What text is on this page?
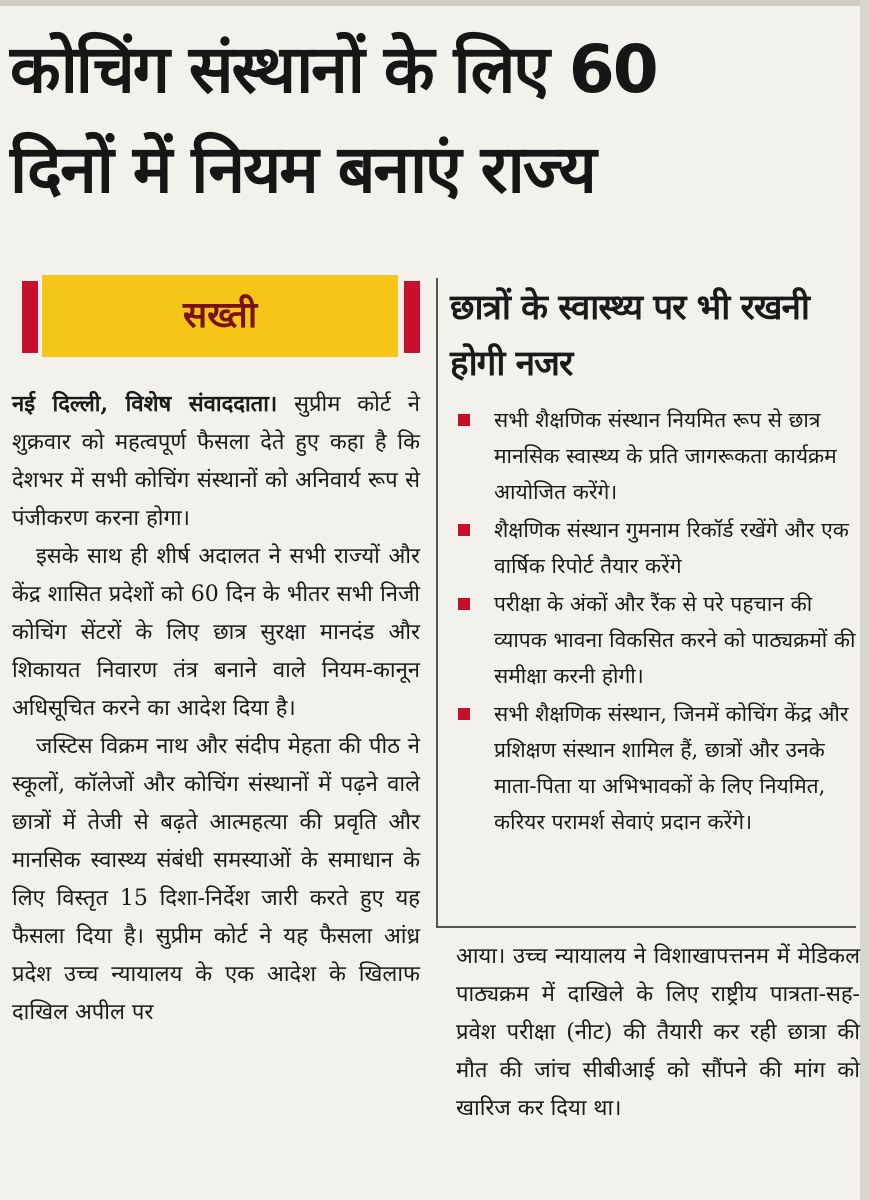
कोचिंग संस्थानों के लिए 60
दिनों में नियम बनाएं राज्य
सख्ती

नई दिल्ली, विशेष संवाददाता। सुप्रीम कोर्ट ने शुक्रवार को महत्वपूर्ण फैसला देते हुए कहा है कि देशभर में सभी कोचिंग संस्थानों को अनिवार्य रूप से पंजीकरण करना होगा।

इसके साथ ही शीर्ष अदालत ने सभी राज्यों और केंद्र शासित प्रदेशों को 60 दिन के भीतर सभी निजी कोचिंग सेंटरों के लिए छात्र सुरक्षा मानदंड और शिकायत निवारण तंत्र बनाने वाले नियम-कानून अधिसूचित करने का आदेश दिया है।

जस्टिस विक्रम नाथ और संदीप मेहता की पीठ ने स्कूलों, कॉलेजों और कोचिंग संस्थानों में पढ़ने वाले छात्रों में तेजी से बढ़ते आत्महत्या की प्रवृति और मानसिक स्वास्थ्य संबंधी समस्याओं के समाधान के लिए विस्तृत 15 दिशा-निर्देश जारी करते हुए यह फैसला दिया है। सुप्रीम कोर्ट ने यह फैसला आंध्र प्रदेश उच्च न्यायालय के एक आदेश के खिलाफ दाखिल अपील पर

छात्रों के स्वास्थ्य पर भी रखनी होगी नजर
सभी शैक्षणिक संस्थान नियमित रूप से छात्र मानसिक स्वास्थ्य के प्रति जागरूकता कार्यक्रम आयोजित करेंगे।
शैक्षणिक संस्थान गुमनाम रिकॉर्ड रखेंगे और एक वार्षिक रिपोर्ट तैयार करेंगे
परीक्षा के अंकों और रैंक से परे पहचान की व्यापक भावना विकसित करने को पाठ्यक्रमों की समीक्षा करनी होगी।
सभी शैक्षणिक संस्थान, जिनमें कोचिंग केंद्र और प्रशिक्षण संस्थान शामिल हैं, छात्रों और उनके माता-पिता या अभिभावकों के लिए नियमित, करियर परामर्श सेवाएं प्रदान करेंगे।

आया। उच्च न्यायालय ने विशाखापत्तनम में मेडिकल पाठ्यक्रम में दाखिले के लिए राष्ट्रीय पात्रता-सह-प्रवेश परीक्षा (नीट) की तैयारी कर रही छात्रा की मौत की जांच सीबीआई को सौंपने की मांग को खारिज कर दिया था।
